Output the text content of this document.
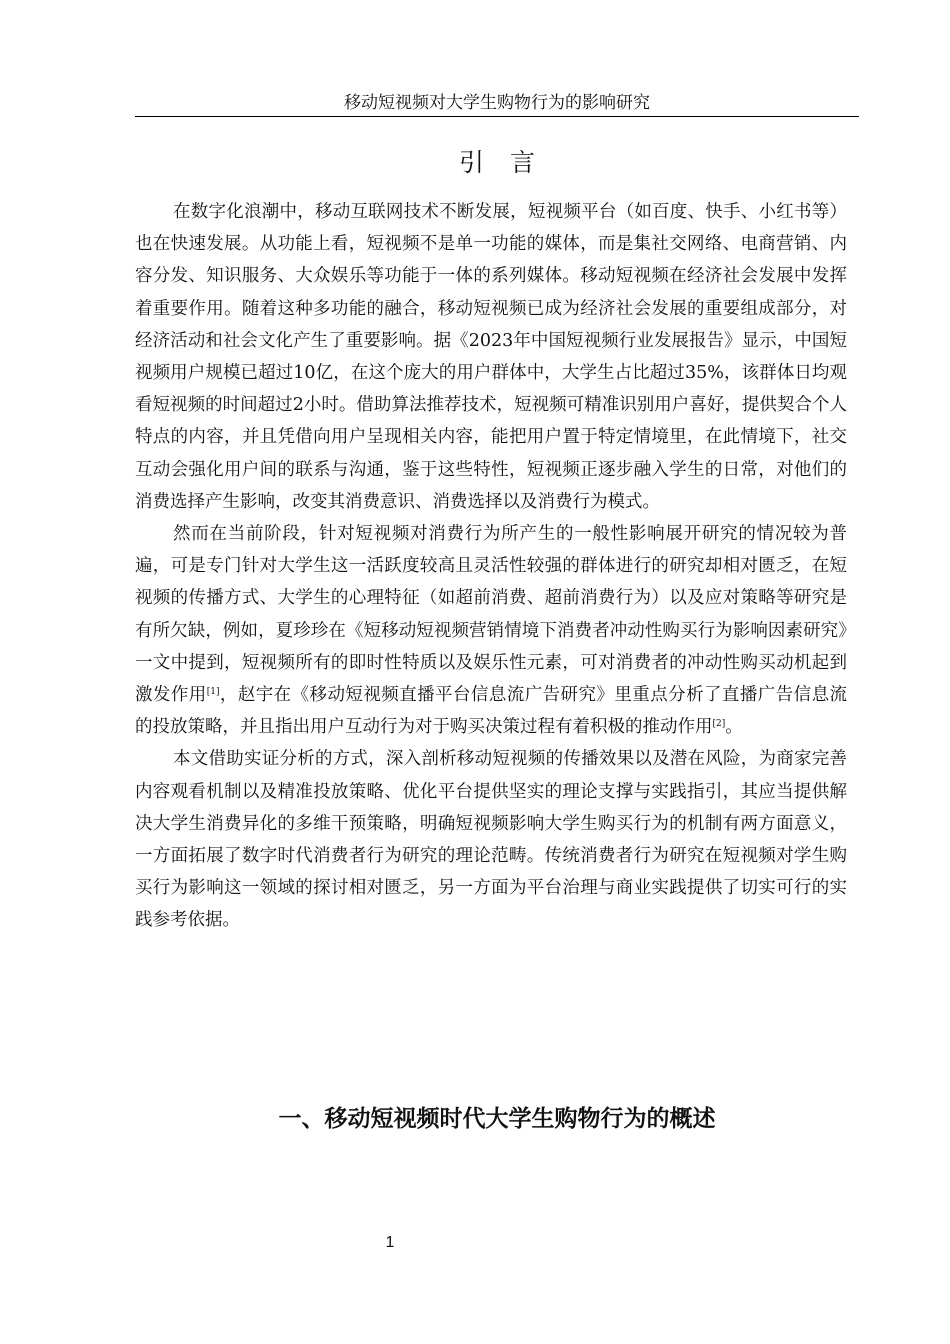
移动短视频对大学生购物行为的影响研究
引言

在数字化浪潮中，移动互联网技术不断发展，短视频平台（如百度、快手、小红书等）也在快速发展。从功能上看，短视频不是单一功能的媒体，而是集社交网络、电商营销、内容分发、知识服务、大众娱乐等功能于一体的系列媒体。移动短视频在经济社会发展中发挥着重要作用。随着这种多功能的融合，移动短视频已成为经济社会发展的重要组成部分，对经济活动和社会文化产生了重要影响。据《2023年中国短视频行业发展报告》显示，中国短视频用户规模已超过10亿，在这个庞大的用户群体中，大学生占比超过35%，该群体日均观看短视频的时间超过2小时。借助算法推荐技术，短视频可精准识别用户喜好，提供契合个人特点的内容，并且凭借向用户呈现相关内容，能把用户置于特定情境里，在此情境下，社交互动会强化用户间的联系与沟通，鉴于这些特性，短视频正逐步融入学生的日常，对他们的消费选择产生影响，改变其消费意识、消费选择以及消费行为模式。

然而在当前阶段，针对短视频对消费行为所产生的一般性影响展开研究的情况较为普遍，可是专门针对大学生这一活跃度较高且灵活性较强的群体进行的研究却相对匮乏，在短视频的传播方式、大学生的心理特征（如超前消费、超前消费行为）以及应对策略等研究是有所欠缺，例如，夏珍珍在《短移动短视频营销情境下消费者冲动性购买行为影响因素研究》一文中提到，短视频所有的即时性特质以及娱乐性元素，可对消费者的冲动性购买动机起到激发作用[1]，赵宇在《移动短视频直播平台信息流广告研究》里重点分析了直播广告信息流的投放策略，并且指出用户互动行为对于购买决策过程有着积极的推动作用[2]。

本文借助实证分析的方式，深入剖析移动短视频的传播效果以及潜在风险，为商家完善内容观看机制以及精准投放策略、优化平台提供坚实的理论支撑与实践指引，其应当提供解决大学生消费异化的多维干预策略，明确短视频影响大学生购买行为的机制有两方面意义，一方面拓展了数字时代消费者行为研究的理论范畴。传统消费者行为研究在短视频对学生购买行为影响这一领域的探讨相对匮乏，另一方面为平台治理与商业实践提供了切实可行的实践参考依据。

一、移动短视频时代大学生购物行为的概述
1
